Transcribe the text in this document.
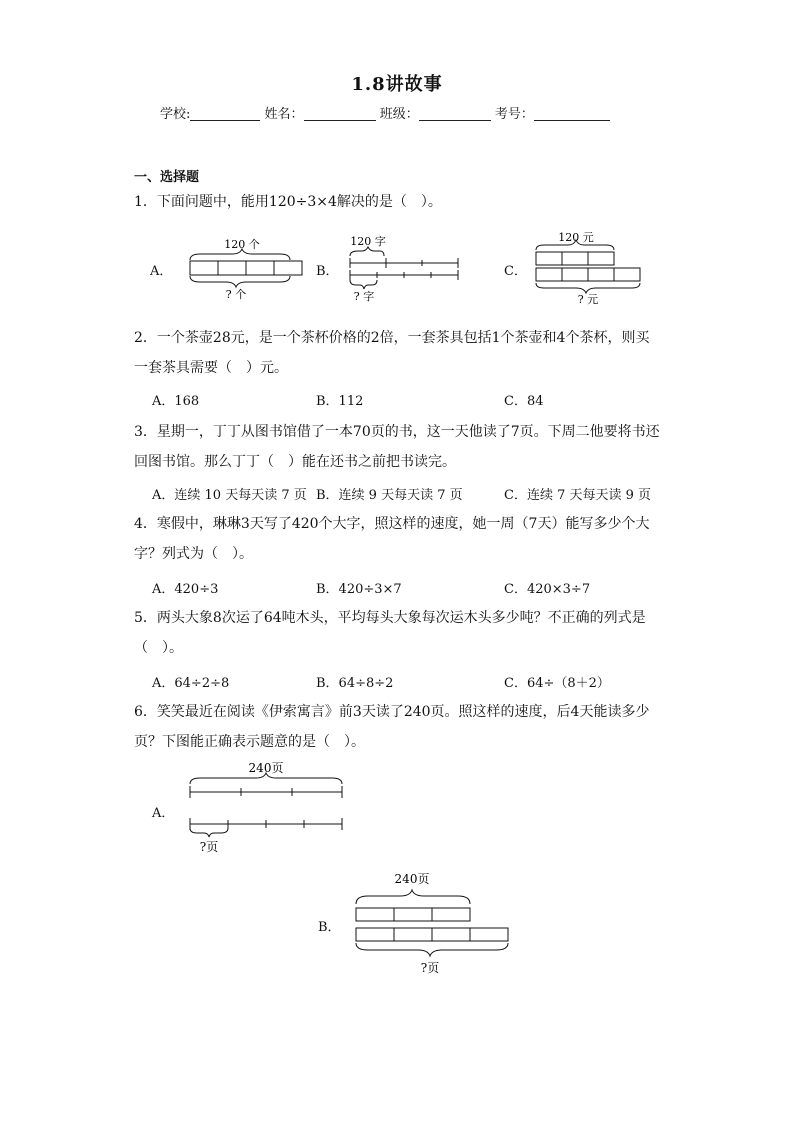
1.8讲故事
学校:	姓名：	班级：	考号：
一、选择题
1．下面问题中，能用120÷3×4解决的是（　）。
A．
120 个
? 个
B．
120 字
? 字
C．
120 元
? 元
2．一个茶壶28元，是一个茶杯价格的2倍，一套茶具包括1个茶壶和4个茶杯，则买
一套茶具需要（　）元。
A．168	B．112	C．84
3．星期一，丁丁从图书馆借了一本70页的书，这一天他读了7页。下周二他要将书还
回图书馆。那么丁丁（　）能在还书之前把书读完。
A．连续 10 天每天读 7 页 B．连续 9 天每天读 7 页	C．连续 7 天每天读 9 页
4．寒假中，琳琳3天写了420个大字，照这样的速度，她一周（7天）能写多少个大
字？列式为（　）。
A．420÷3	B．420÷3×7	C．420×3÷7
5．两头大象8次运了64吨木头，平均每头大象每次运木头多少吨？不正确的列式是
（　）。
A．64÷2÷8	B．64÷8÷2	C．64÷（8＋2）
6．笑笑最近在阅读《伊索寓言》前3天读了240页。照这样的速度，后4天能读多少
页？下图能正确表示题意的是（　）。
A．
240页
?页
B．
240页
?页
